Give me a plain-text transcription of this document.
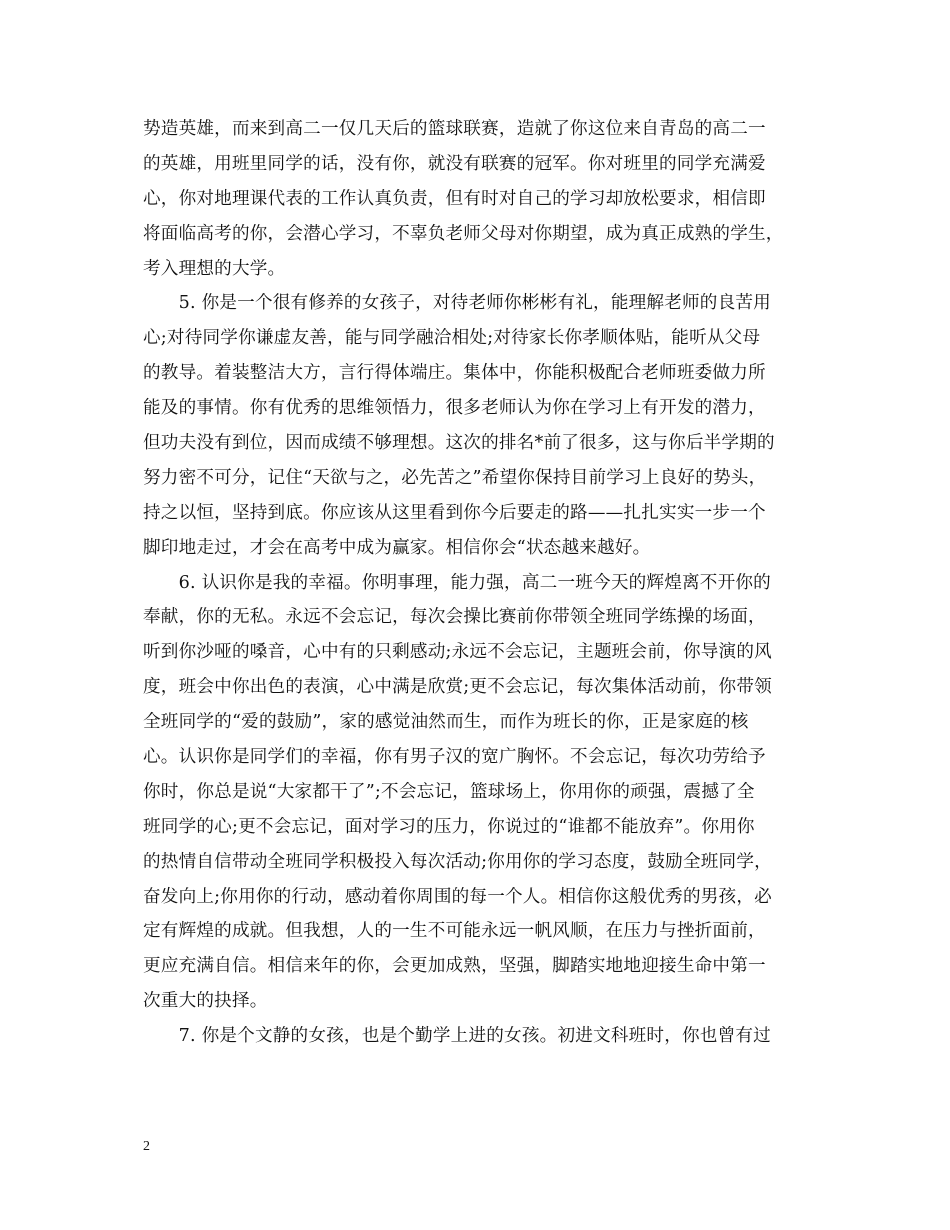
势造英雄，而来到高二一仅几天后的篮球联赛，造就了你这位来自青岛的高二一
的英雄，用班里同学的话，没有你，就没有联赛的冠军。你对班里的同学充满爱
心，你对地理课代表的工作认真负责，但有时对自己的学习却放松要求，相信即
将面临高考的你，会潜心学习，不辜负老师父母对你期望，成为真正成熟的学生，
考入理想的大学。
　　5. 你是一个很有修养的女孩子，对待老师你彬彬有礼，能理解老师的良苦用
心;对待同学你谦虚友善，能与同学融洽相处;对待家长你孝顺体贴，能听从父母
的教导。着装整洁大方，言行得体端庄。集体中，你能积极配合老师班委做力所
能及的事情。你有优秀的思维领悟力，很多老师认为你在学习上有开发的潜力，
但功夫没有到位，因而成绩不够理想。这次的排名*前了很多，这与你后半学期的
努力密不可分，记住“天欲与之，必先苦之”希望你保持目前学习上良好的势头，
持之以恒，坚持到底。你应该从这里看到你今后要走的路——扎扎实实一步一个
脚印地走过，才会在高考中成为赢家。相信你会“状态越来越好。
　　6. 认识你是我的幸福。你明事理，能力强，高二一班今天的辉煌离不开你的
奉献，你的无私。永远不会忘记，每次会操比赛前你带领全班同学练操的场面，
听到你沙哑的嗓音，心中有的只剩感动;永远不会忘记，主题班会前，你导演的风
度，班会中你出色的表演，心中满是欣赏;更不会忘记，每次集体活动前，你带领
全班同学的“爱的鼓励”，家的感觉油然而生，而作为班长的你，正是家庭的核
心。认识你是同学们的幸福，你有男子汉的宽广胸怀。不会忘记，每次功劳给予
你时，你总是说“大家都干了”;不会忘记，篮球场上，你用你的顽强，震撼了全
班同学的心;更不会忘记，面对学习的压力，你说过的“谁都不能放弃”。你用你
的热情自信带动全班同学积极投入每次活动;你用你的学习态度，鼓励全班同学，
奋发向上;你用你的行动，感动着你周围的每一个人。相信你这般优秀的男孩，必
定有辉煌的成就。但我想，人的一生不可能永远一帆风顺，在压力与挫折面前，
更应充满自信。相信来年的你，会更加成熟，坚强，脚踏实地地迎接生命中第一
次重大的抉择。
　　7. 你是个文静的女孩，也是个勤学上进的女孩。初进文科班时，你也曾有过
2
